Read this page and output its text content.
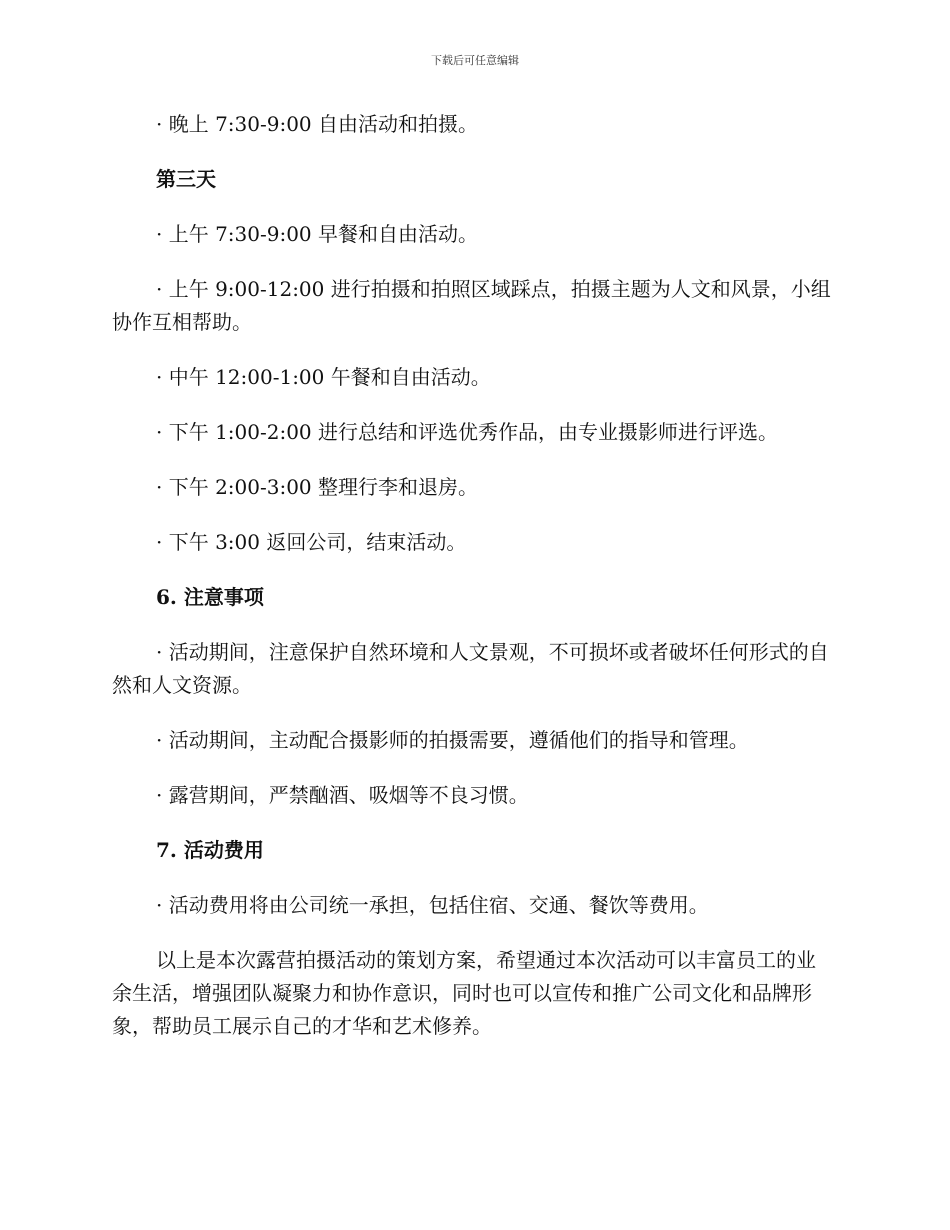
下载后可任意编辑

· 晚上 7:30-9:00 自由活动和拍摄。

第三天

· 上午 7:30-9:00 早餐和自由活动。

· 上午 9:00-12:00 进行拍摄和拍照区域踩点，拍摄主题为人文和风景，小组协作互相帮助。

· 中午 12:00-1:00 午餐和自由活动。

· 下午 1:00-2:00 进行总结和评选优秀作品，由专业摄影师进行评选。

· 下午 2:00-3:00 整理行李和退房。

· 下午 3:00 返回公司，结束活动。

6. 注意事项

· 活动期间，注意保护自然环境和人文景观，不可损坏或者破坏任何形式的自然和人文资源。

· 活动期间，主动配合摄影师的拍摄需要，遵循他们的指导和管理。

· 露营期间，严禁酗酒、吸烟等不良习惯。

7. 活动费用

· 活动费用将由公司统一承担，包括住宿、交通、餐饮等费用。

以上是本次露营拍摄活动的策划方案，希望通过本次活动可以丰富员工的业余生活，增强团队凝聚力和协作意识，同时也可以宣传和推广公司文化和品牌形象，帮助员工展示自己的才华和艺术修养。
